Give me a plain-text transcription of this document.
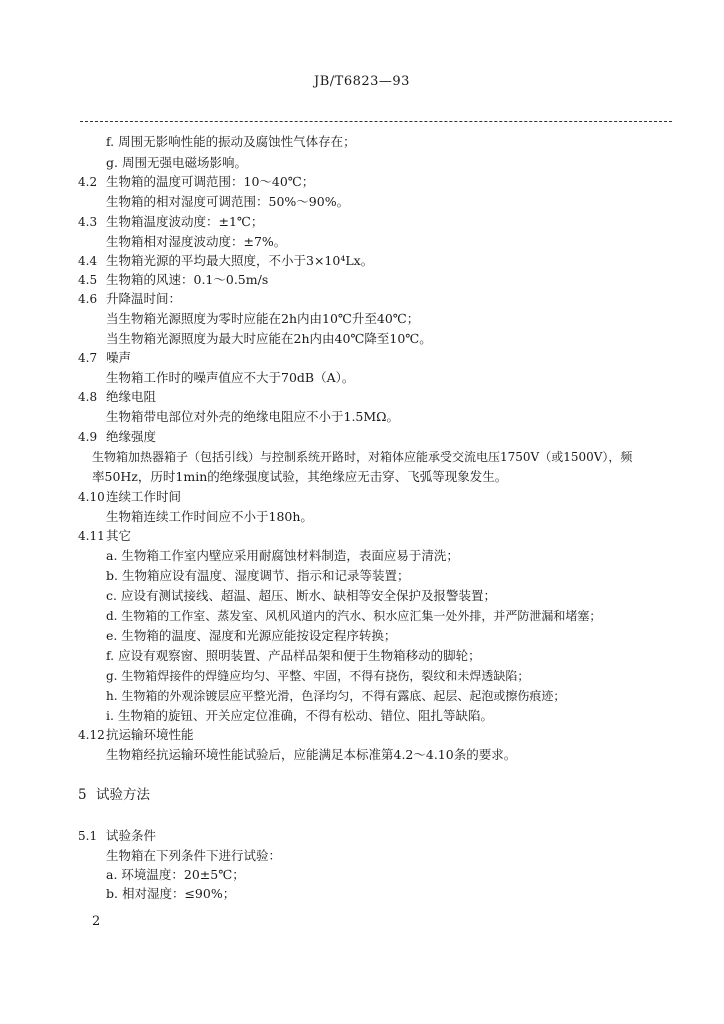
JB/T6823—93
f. 周围无影响性能的振动及腐蚀性气体存在；
g. 周围无强电磁场影响。
4.2 生物箱的温度可调范围：10～40℃；
生物箱的相对湿度可调范围：50%～90%。
4.3 生物箱温度波动度：±1℃；
生物箱相对湿度波动度：±7%。
4.4 生物箱光源的平均最大照度，不小于3×10⁴Lx。
4.5 生物箱的风速：0.1～0.5m/s
4.6 升降温时间：
当生物箱光源照度为零时应能在2h内由10℃升至40℃；
当生物箱光源照度为最大时应能在2h内由40℃降至10℃。
4.7 噪声
生物箱工作时的噪声值应不大于70dB（A）。
4.8 绝缘电阻
生物箱带电部位对外壳的绝缘电阻应不小于1.5MΩ。
4.9 绝缘强度
生物箱加热器箱子（包括引线）与控制系统开路时，对箱体应能承受交流电压1750V（或1500V），频
率50Hz，历时1min的绝缘强度试验，其绝缘应无击穿、飞弧等现象发生。
4.10 连续工作时间
生物箱连续工作时间应不小于180h。
4.11 其它
a. 生物箱工作室内壁应采用耐腐蚀材料制造，表面应易于清洗；
b. 生物箱应设有温度、湿度调节、指示和记录等装置；
c. 应设有测试接线、超温、超压、断水、缺相等安全保护及报警装置；
d. 生物箱的工作室、蒸发室、风机风道内的汽水、积水应汇集一处外排，并严防泄漏和堵塞；
e. 生物箱的温度、湿度和光源应能按设定程序转换；
f. 应设有观察窗、照明装置、产品样品架和便于生物箱移动的脚轮；
g. 生物箱焊接件的焊缝应均匀、平整、牢固，不得有挠伤，裂纹和未焊透缺陷；
h. 生物箱的外观涂镀层应平整光滑，色泽均匀，不得有露底、起层、起泡或擦伤痕迹；
i. 生物箱的旋钮、开关应定位准确，不得有松动、错位、阻扎等缺陷。
4.12 抗运输环境性能
生物箱经抗运输环境性能试验后，应能满足本标准第4.2～4.10条的要求。
5 试验方法
5.1 试验条件
生物箱在下列条件下进行试验：
a. 环境温度：20±5℃；
b. 相对湿度：≤90%；
2
